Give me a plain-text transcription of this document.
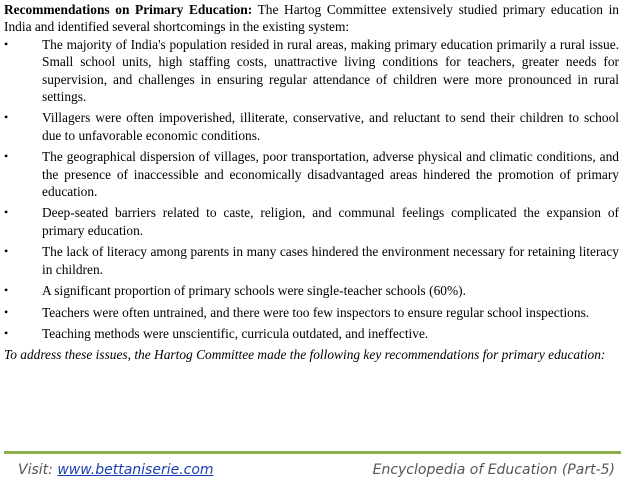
Recommendations on Primary Education: The Hartog Committee extensively studied primary education in India and identified several shortcomings in the existing system:

•	The majority of India's population resided in rural areas, making primary education primarily a rural issue. Small school units, high staffing costs, unattractive living conditions for teachers, greater needs for supervision, and challenges in ensuring regular attendance of children were more pronounced in rural settings.
•	Villagers were often impoverished, illiterate, conservative, and reluctant to send their children to school due to unfavorable economic conditions.
•	The geographical dispersion of villages, poor transportation, adverse physical and climatic conditions, and the presence of inaccessible and economically disadvantaged areas hindered the promotion of primary education.
•	Deep-seated barriers related to caste, religion, and communal feelings complicated the expansion of primary education.
•	The lack of literacy among parents in many cases hindered the environment necessary for retaining literacy in children.
•	A significant proportion of primary schools were single-teacher schools (60%).
•	Teachers were often untrained, and there were too few inspectors to ensure regular school inspections.
•	Teaching methods were unscientific, curricula outdated, and ineffective.

To address these issues, the Hartog Committee made the following key recommendations for primary education:

Visit: www.bettaniserie.com	Encyclopedia of Education (Part-5)
